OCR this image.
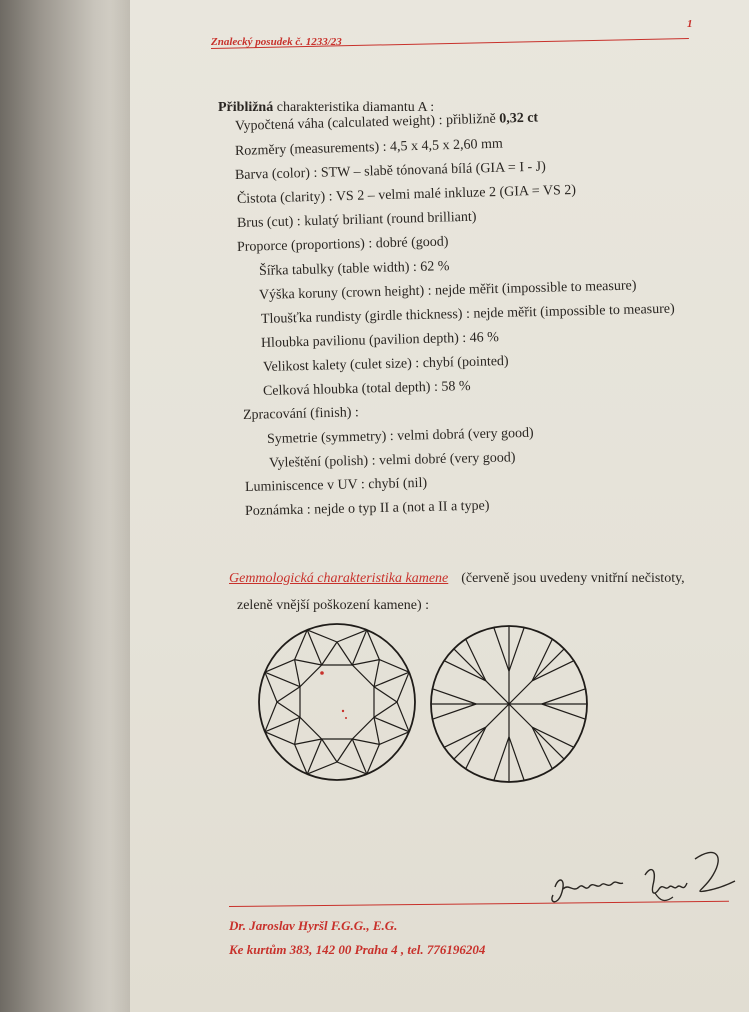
Znalecký posudek č. 1233/23
1
Přibližná charakteristika diamantu A :
Vypočtená váha (calculated weight) : přibližně 0,32 ct
Rozměry (measurements) : 4,5 x 4,5 x 2,60 mm
Barva (color) : STW – slabě tónovaná bílá (GIA = I - J)
Čistota (clarity) : VS 2 – velmi malé inkluze 2 (GIA = VS 2)
Brus (cut) : kulatý briliant (round brilliant)
Proporce (proportions) : dobré (good)
Šířka tabulky (table width) : 62 %
Výška koruny (crown height) : nejde měřit (impossible to measure)
Tloušťka rundisty (girdle thickness) : nejde měřit (impossible to measure)
Hloubka pavilionu (pavilion depth) : 46 %
Velikost kalety (culet size) : chybí (pointed)
Celková hloubka (total depth) : 58 %
Zpracování (finish) :
Symetrie (symmetry) : velmi dobrá (very good)
Vyleštění (polish) : velmi dobré (very good)
Luminiscence v UV : chybí (nil)
Poznámka : nejde o typ II a (not a II a type)
Gemmologická charakteristika kamene (červeně jsou uvedeny vnitřní nečistoty,
zeleně vnější poškození kamene) :
Dr. Jaroslav Hyršl F.G.G., E.G.
Ke kurtům 383, 142 00 Praha 4 , tel. 776196204
